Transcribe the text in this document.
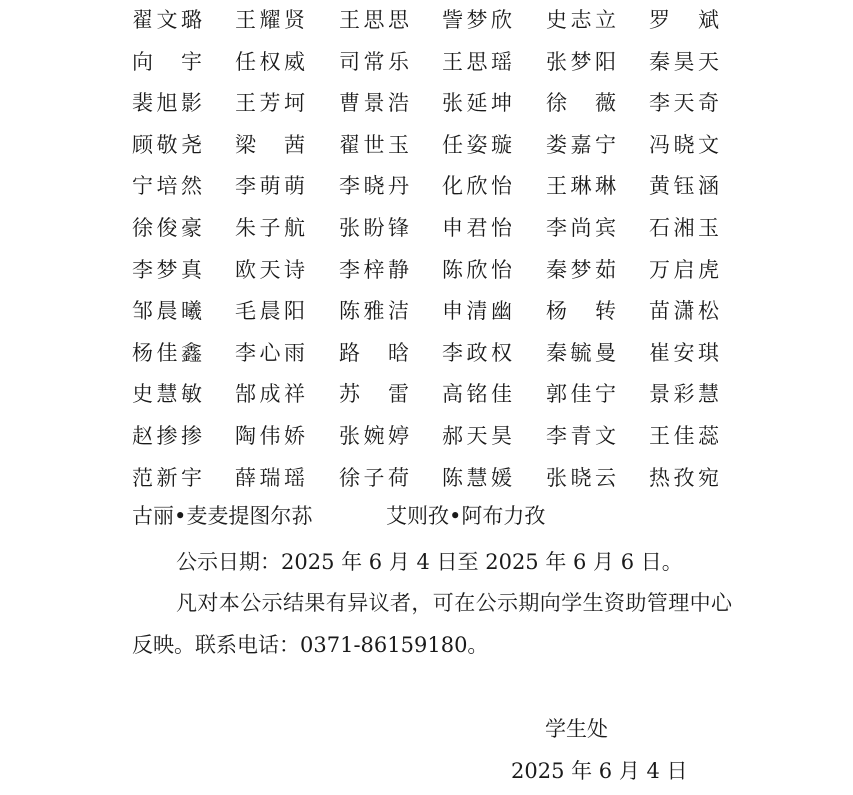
翟文璐 王耀贤 王思思 訾梦欣 史志立 罗 斌
向 宇 任权威 司常乐 王思瑶 张梦阳 秦昊天
裴旭影 王芳坷 曹景浩 张延坤 徐 薇 李天奇
顾敬尧 梁 茜 翟世玉 任姿璇 娄嘉宁 冯晓文
宁培然 李萌萌 李晓丹 化欣怡 王琳琳 黄钰涵
徐俊豪 朱子航 张盼锋 申君怡 李尚宾 石湘玉
李梦真 欧天诗 李梓静 陈欣怡 秦梦茹 万启虎
邹晨曦 毛晨阳 陈雅洁 申清幽 杨 转 苗潇松
杨佳鑫 李心雨 路 晗 李政权 秦毓曼 崔安琪
史慧敏 郜成祥 苏 雷 高铭佳 郭佳宁 景彩慧
赵掺掺 陶伟娇 张婉婷 郝天昊 李青文 王佳蕊
范新宇 薛瑞瑶 徐子荷 陈慧媛 张晓云 热孜宛
古丽•麦麦提图尔荪	艾则孜•阿布力孜
公示日期：2025 年 6 月 4 日至 2025 年 6 月 6 日。
凡对本公示结果有异议者，可在公示期向学生资助管理中心反映。联系电话：0371-86159180。
学生处
2025 年 6 月 4 日
